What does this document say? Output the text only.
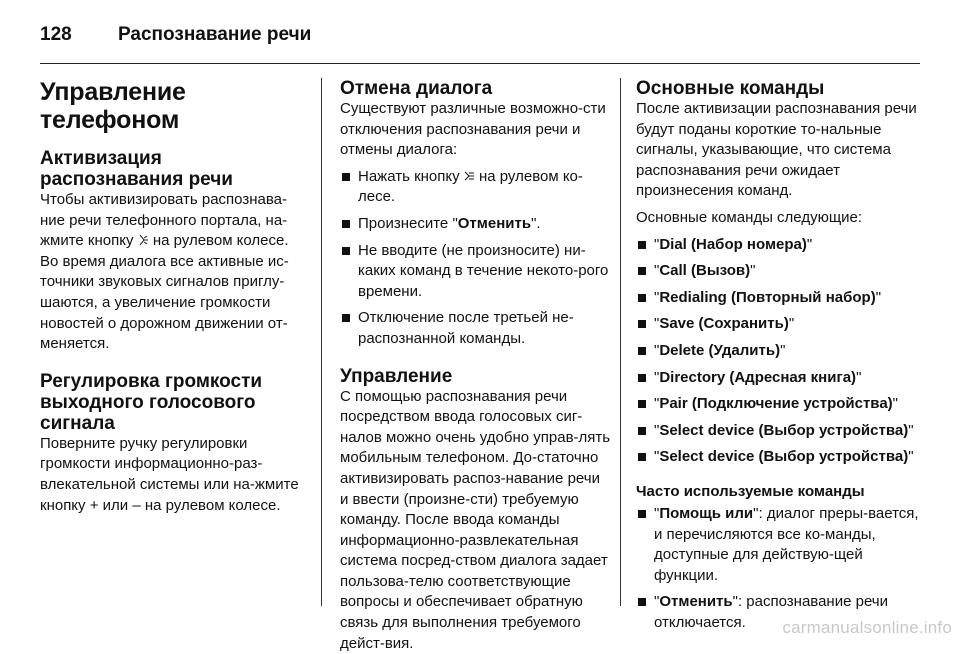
128	Распознавание речи
Управление телефоном
Активизация распознавания речи

Чтобы активизировать распознава-ние речи телефонного портала, на-жмите кнопку на рулевом колесе. Во время диалога все активные ис-точники звуковых сигналов приглу-шаются, а увеличение громкости новостей о дорожном движении от-меняется.

Регулировка громкости выходного голосового сигнала

Поверните ручку регулировки громкости информационно-раз-влекательной системы или на-жмите кнопку + или – на рулевом колесе.

Отмена диалога

Существуют различные возможно-сти отключения распознавания речи и отмены диалога:

Нажать кнопку на рулевом ко-лесе.
Произнесите "Отменить".
Не вводите (не произносите) ни-каких команд в течение некото-рого времени.
Отключение после третьей не-распознанной команды.
Управление

С помощью распознавания речи посредством ввода голосовых сиг-налов можно очень удобно управ-лять мобильным телефоном. До-статочно активизировать распоз-навание речи и ввести (произне-сти) требуемую команду. После ввода команды информационно-развлекательная система посред-ством диалога задает пользова-телю соответствующие вопросы и обеспечивает обратную связь для выполнения требуемого дейст-вия.

Основные команды

После активизации распознавания речи будут поданы короткие то-нальные сигналы, указывающие, что система распознавания речи ожидает произнесения команд.

Основные команды следующие:

"Dial (Набор номера)"
"Call (Вызов)"
"Redialing (Повторный набор)"
"Save (Сохранить)"
"Delete (Удалить)"
"Directory (Адресная книга)"
"Pair (Подключение устройства)"
"Select device (Выбор устройства)"
"Select device (Выбор устройства)"
Часто используемые команды
"Помощь или": диалог преры-вается, и перечисляются все ко-манды, доступные для действую-щей функции.
"Отменить": распознавание речи отключается.	carmanualsonline.info
